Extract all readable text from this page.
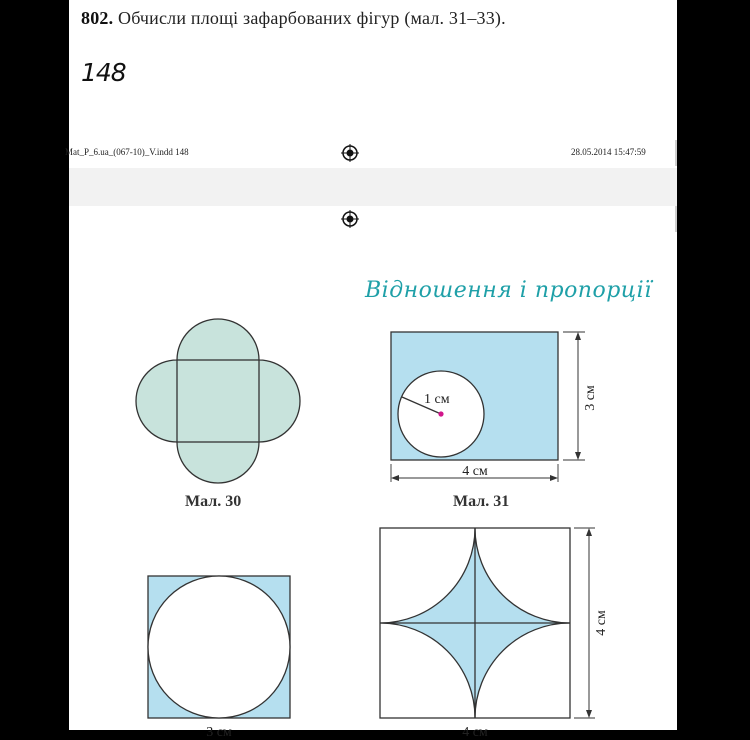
802. Обчисли площі зафарбованих фігур (мал. 31–33).

148

Mat_P_6.ua_(067-10)_V.indd 148	28.05.2014 15:47:59
Відношення і пропорції

Мал. 30

1 см	3 см
4 см

Мал. 31

3 см
4 см
4 см
